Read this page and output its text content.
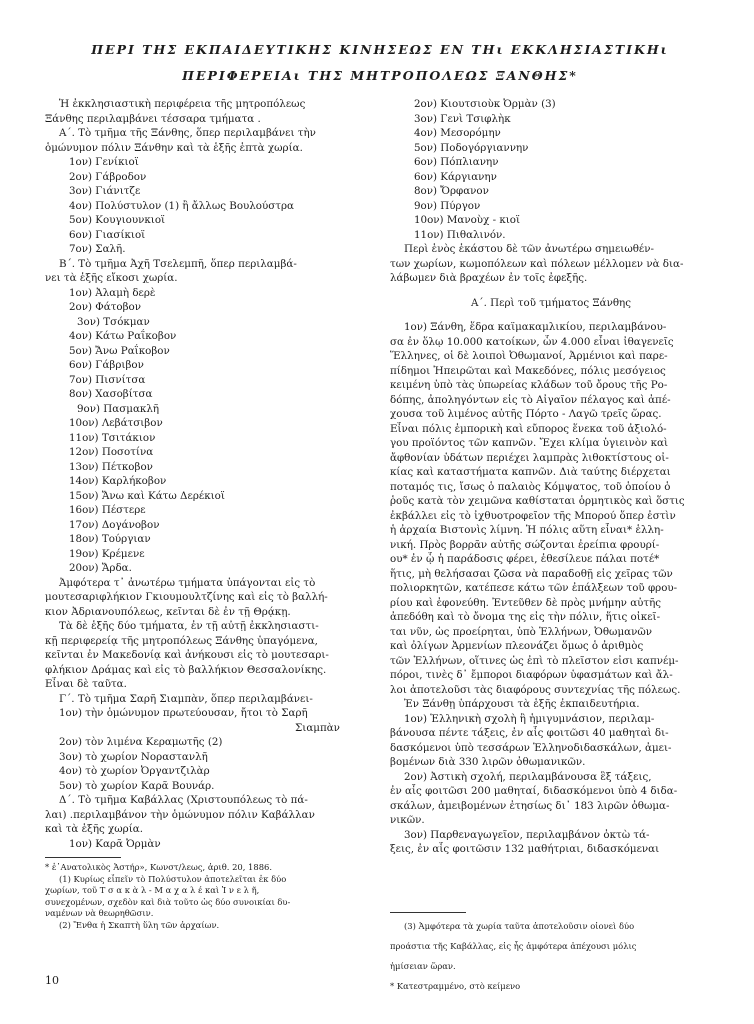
ΠΕΡΙ ΤΗΣ ΕΚΠΑΙΔΕΥΤΙΚΗΣ ΚΙΝΗΣΕΩΣ ΕΝ ΤΗι ΕΚΚΛΗΣΙΑΣΤΙΚΗι
ΠΕΡΙΦΕΡΕΙΑι ΤΗΣ ΜΗΤΡΟΠΟΛΕΩΣ ΞΑΝΘΗΣ*

Ἡ ἐκκλησιαστικὴ περιφέρεια τῆς μητροπόλεως

Ξάνθης περιλαμβάνει τέσσαρα τμήματα .

Α΄. Τὸ τμῆμα τῆς Ξάνθης, ὅπερ περιλαμβάνει τὴν

ὁμώνυμον πόλιν Ξάνθην καὶ τὰ ἑξῆς ἑπτὰ χωρία.

1ον) Γενίκιοϊ

2ον) Γάβροδον

3ον) Γιάνιτζε

4ον) Πολύστυλον (1) ἢ ἄλλως Βουλούστρα

5ον) Κουγιουνκιοϊ

6ον) Γιασίκιοϊ

7ον) Σαλῆ.

Β΄. Τὸ τμῆμα Ἀχῆ Τσελεμπῆ, ὅπερ περιλαμβά-

νει τὰ ἑξῆς εἴκοσι χωρία.

1ον) Ἀλαμὴ δερὲ

2ον) Φάτοβον

3ον) Τσόκμαν

4ον) Κάτω Ραΐκοβον

5ον) Ἄνω Ραΐκοβον

6ον) Γάβριβον

7ον) Πισνίτσα

8ον) Χασοβίτσα

9ον) Πασμακλῆ

10ον) Λεβάτσιβον

11ον) Τσιτάκιον

12ον) Ποσοτίνα

13ον) Πέτκοβον

14ον) Καρλήκοβον

15ον) Ἄνω καὶ Κάτω Δερέκιοϊ

16ον) Πέστερε

17ον) Δογάνοβον

18ον) Τούργιαν

19ον) Κρέμενε

20ον) Ἄρδα.

Ἀμφότερα τ᾽ ἀνωτέρω τμήματα ὑπάγονται εἰς τὸ

μουτεσαριφλήκιον Γκιουμουλτζίνης καὶ εἰς τὸ βαλλή-

κιον Ἀδριανουπόλεως, κεῖνται δὲ ἐν τῇ Θρᾴκῃ.

Τὰ δὲ ἑξῆς δύο τμήματα, ἐν τῇ αὐτῇ ἐκκλησιαστι-

κῇ περιφερείᾳ τῆς μητροπόλεως Ξάνθης ὑπαγόμενα,

κεῖνται ἐν Μακεδονίᾳ καὶ ἀνήκουσι εἰς τὸ μουτεσαρι-

φλήκιον Δράμας καὶ εἰς τὸ βαλλήκιον Θεσσαλονίκης.

Εἶναι δὲ ταῦτα.

Γ΄. Τὸ τμῆμα Σαρῆ Σιαμπὰν, ὅπερ περιλαμβάνει-

1ον) τὴν ὁμώνυμον πρωτεύουσαν, ἤτοι τὸ Σαρῆ

Σιαμπὰν

2ον) τὸν λιμένα Κεραμωτῆς (2)

3ον) τὸ χωρίον Νοραστανλῆ

4ον) τὸ χωρίον Ὀργαντζιλὰρ

5ον) τὸ χωρίον Καρᾶ Βουνάρ.

Δ΄. Τὸ τμῆμα Καβάλλας (Χριστουπόλεως τὸ πά-

λαι) .περιλαμβάνον τὴν ὁμώνυμον πόλιν Καβάλλαν

καὶ τὰ ἑξῆς χωρία.

1ον) Καρᾶ Ὀρμὰν

* ἐ᾽Ανατολικὸς Ἀστήρ», Κωνστ/λεως, ἀριθ. 20, 1886.

(1) Κυρίως εἶπεῖν τὸ Πολύστυλον ἀποτελεῖται ἐκ δύο

χωρίων, τοῦ Τ σ α κ ὰ λ - Μ α χ α λ έ καὶ Ἰ ν ε λ ῆ,

συνεχομένων, σχεδὸν καὶ διὰ τοῦτο ὡς δύο συνοικίαι δυ-

ναμένων νὰ θεωρηθῶσιν.

(2) Ἔνθα ἡ Σκαπτὴ ὕλη τῶν ἀρχαίων.

2ον) Κιουτσιοὺκ Ὀρμὰν (3)

3ον) Γενὶ Τσιφλὴκ

4ον) Μεσορόμην

5ον) Ποδογόργιαννην

6ον) Πόπλιανην

6ον) Κάργιανην

8ον) Ὄρφανον

9ον) Πύργον

10ον) Μανοὺχ - κιοϊ

11ον) Πιθαλινόν.

Περὶ ἑνὸς ἑκάστου δὲ τῶν ἀνωτέρω σημειωθέν-

των χωρίων, κωμοπόλεων καὶ πόλεων μέλλομεν νὰ δια-

λάβωμεν διὰ βραχέων ἐν τοῖς ἐφεξῆς.

Α΄. Περὶ τοῦ τμήματος Ξάνθης

1ον) Ξάνθη, ἕδρα καϊμακαμλικίου, περιλαμβάνου-

σα ἐν ὅλῳ 10.000 κατοίκων, ὧν 4.000 εἶναι ἰθαγενεῖς

Ἕλληνες, οἱ δὲ λοιποὶ Ὀθωμανοί, Ἀρμένιοι καὶ παρε-

πίδημοι Ἠπειρῶται καὶ Μακεδόνες, πόλις μεσόγειος

κειμένη ὑπὸ τὰς ὑπωρείας κλάδων τοῦ ὄρους τῆς Ρο-

δόπης, ἀποληγόντων εἰς τὸ Αἰγαῖον πέλαγος καὶ ἀπέ-

χουσα τοῦ λιμένος αὐτῆς Πόρτο - Λαγῶ τρεῖς ὥρας.

Εἶναι πόλις ἐμπορικὴ καὶ εὔπορος ἕνεκα τοῦ ἀξιολό-

γου προϊόντος τῶν καπνῶν. Ἔχει κλίμα ὑγιεινὸν καὶ

ἄφθονίαν ὑδάτων περιέχει λαμπρὰς λιθοκτίστους οἰ-

κίας καὶ καταστήματα καπνῶν. Διὰ ταύτης διέρχεται

ποταμός τις, ἴσως ὁ παλαιὸς Κόμψατος, τοῦ ὁποίου ὁ

ῥοῦς κατὰ τὸν χειμῶνα καθίσταται ὁρμητικὸς καὶ ὅστις

ἐκβάλλει εἰς τὸ ἰχθυοτροφεῖον τῆς Μπορού ὅπερ ἐστὶν

ἡ ἀρχαία Βιστονὶς λίμνη. Ἡ πόλις αὕτη εἶναι* ἑλλη-

νική. Πρὸς βορρᾶν αὐτῆς σώζονται ἐρείπια φρουρί-

ου* ἐν ᾧ ἡ παράδοσις φέρει, ἐθεσίλευε πάλαι ποτέ*

ἥτις, μὴ θελήσασαι ζῶσα νὰ παραδοθῇ εἰς χεῖρας τῶν

πολιορκητῶν, κατέπεσε κάτω τῶν ἐπάλξεων τοῦ φρου-

ρίου καὶ ἐφονεύθη. Ἐντεῦθεν δὲ πρὸς μνήμην αὐτῆς

ἀπεδόθη καὶ τὸ ὄνομα της εἰς τὴν πόλιν, ἥτις οἰκεῖ-

ται νῦν, ὡς προείρηται, ὑπὸ Ἑλλήνων, Ὀθωμανῶν

καὶ ὀλίγων Ἀρμενίων πλεονάζει ὅμως ὁ ἀριθμὸς

τῶν Ἑλλήνων, οἵτινες ὡς ἐπὶ τὸ πλεῖστον εἰσι καπνέμ-

πόροι, τινὲς δ᾽ ἔμποροι διαφόρων ὑφασμάτων καὶ ἄλ-

λοι ἀποτελοῦσι τὰς διαφόρους συντεχνίας τῆς πόλεως.

Ἐν Ξάνθῃ ὑπάρχουσι τὰ ἑξῆς ἐκπαιδευτήρια.

1ον) Ἑλληνικὴ σχολὴ ἢ ἡμιγυμνάσιον, περιλαμ-

βάνουσα πέντε τάξεις, ἐν αἷς φοιτῶσι 40 μαθηταὶ δι-

δασκόμενοι ὑπὸ τεσσάρων Ἑλληνοδιδασκάλων, ἀμει-

βομένων διὰ 330 λιρῶν ὀθωμανικῶν.

2ον) Ἀστικὴ σχολή, περιλαμβάνουσα ἓξ τάξεις,

ἐν αἷς φοιτῶσι 200 μαθηταί, διδασκόμενοι ὑπὸ 4 διδα-

σκάλων, ἀμειβομένων ἐτησίως δι᾽ 183 λιρῶν ὀθωμα-

νικῶν.

3ον) Παρθεναγωγεῖον, περιλαμβάνον ὀκτὼ τά-

ξεις, ἐν αἷς φοιτῶσιν 132 μαθήτριαι, διδασκόμεναι

(3) Ἀμφότερα τὰ χωρία ταῦτα ἀποτελοῦσιν οἰονεὶ δύο

προάστια τῆς Καβάλλας, εἰς ἧς ἀμφότερα ἀπέχουσι μόλις

ἡμίσειαν ὥραν.

* Κατεστραμμένο, στὸ κείμενο

10
